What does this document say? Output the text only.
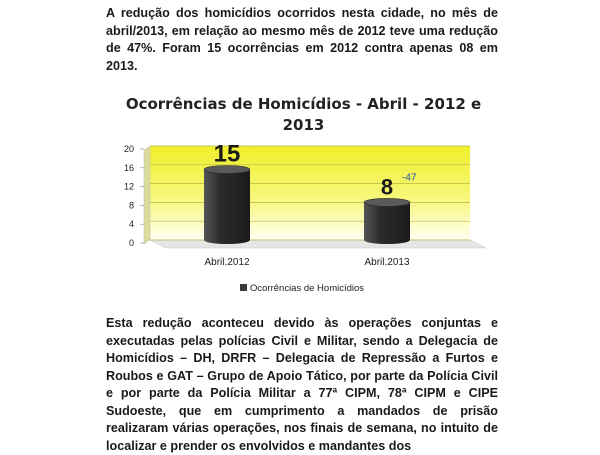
A redução dos homicídios ocorridos nesta cidade, no mês de abril/2013, em relação ao mesmo mês de 2012 teve uma redução de 47%. Foram 15 ocorrências em 2012 contra apenas 08 em 2013.

Ocorrências de Homicídios - Abril - 2012 e 2013
0
4
8
12
16
20	15
8 -47
Abril.2012	Abril.2013
Ocorrências de Homicídios

Esta redução aconteceu devido às operações conjuntas e executadas pelas polícias Civil e Militar, sendo a Delegacia de Homicídios – DH, DRFR – Delegacia de Repressão a Furtos e Roubos e GAT – Grupo de Apoio Tático, por parte da Polícia Civil e por parte da Polícia Militar a 77ª CIPM, 78ª CIPM e CIPE Sudoeste, que em cumprimento a mandados de prisão realizaram várias operações, nos finais de semana, no intuito de localizar e prender os envolvidos e mandantes dos
